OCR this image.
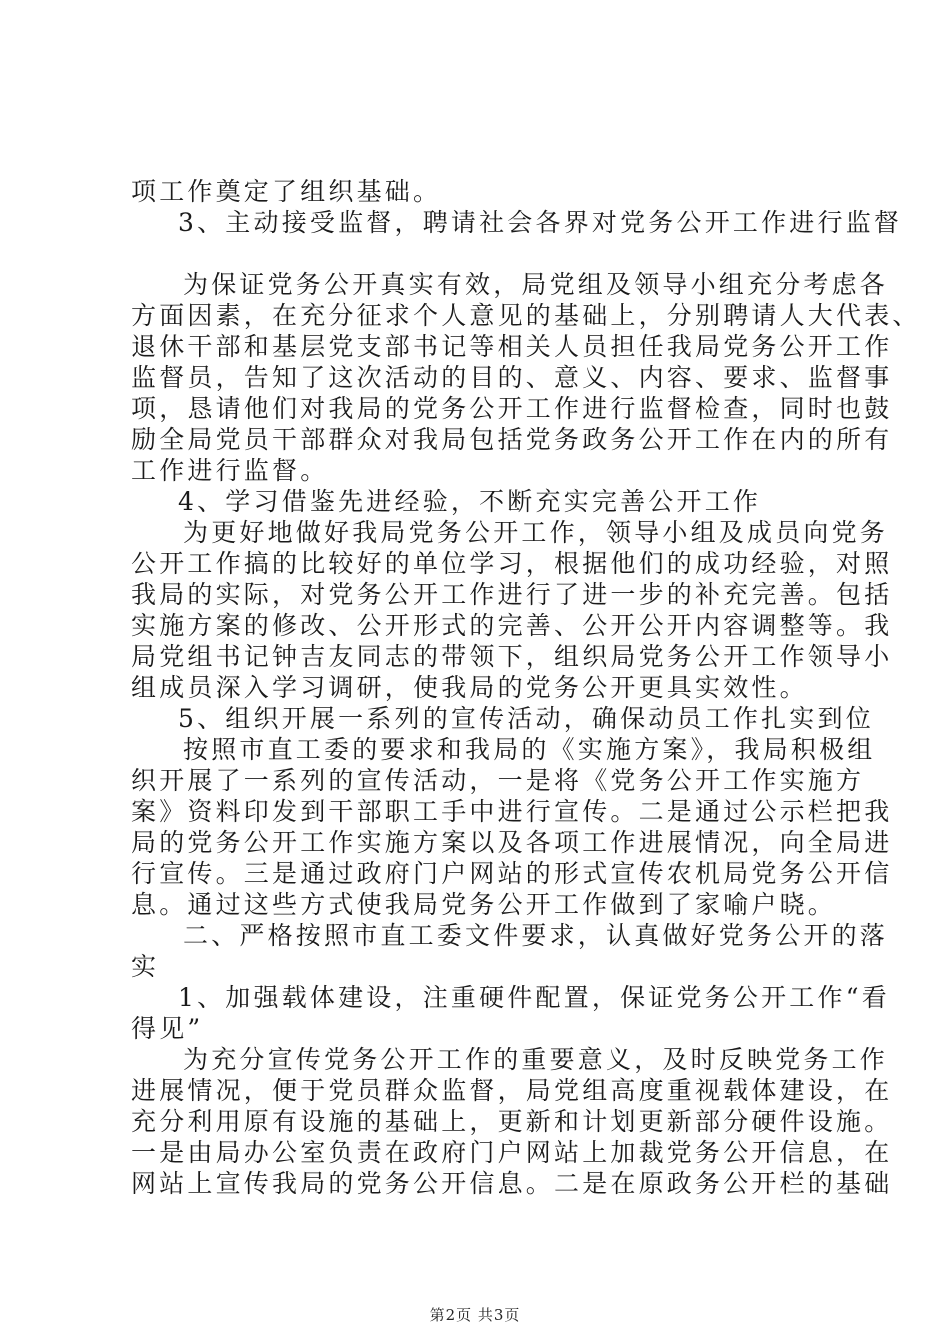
项工作奠定了组织基础。
3、主动接受监督，聘请社会各界对党务公开工作进行监督
为保证党务公开真实有效，局党组及领导小组充分考虑各
方面因素，在充分征求个人意见的基础上，分别聘请人大代表、
退休干部和基层党支部书记等相关人员担任我局党务公开工作
监督员，告知了这次活动的目的、意义、内容、要求、监督事
项，恳请他们对我局的党务公开工作进行监督检查，同时也鼓
励全局党员干部群众对我局包括党务政务公开工作在内的所有
工作进行监督。
4、学习借鉴先进经验，不断充实完善公开工作
为更好地做好我局党务公开工作，领导小组及成员向党务
公开工作搞的比较好的单位学习，根据他们的成功经验，对照
我局的实际，对党务公开工作进行了进一步的补充完善。包括
实施方案的修改、公开形式的完善、公开公开内容调整等。我
局党组书记钟吉友同志的带领下，组织局党务公开工作领导小
组成员深入学习调研，使我局的党务公开更具实效性。
5、组织开展一系列的宣传活动，确保动员工作扎实到位
按照市直工委的要求和我局的《实施方案》，我局积极组
织开展了一系列的宣传活动，一是将《党务公开工作实施方
案》资料印发到干部职工手中进行宣传。二是通过公示栏把我
局的党务公开工作实施方案以及各项工作进展情况，向全局进
行宣传。三是通过政府门户网站的形式宣传农机局党务公开信
息。通过这些方式使我局党务公开工作做到了家喻户晓。
二、严格按照市直工委文件要求，认真做好党务公开的落
实
1、加强载体建设，注重硬件配置，保证党务公开工作“看
得见”
为充分宣传党务公开工作的重要意义，及时反映党务工作
进展情况，便于党员群众监督，局党组高度重视载体建设，在
充分利用原有设施的基础上，更新和计划更新部分硬件设施。
一是由局办公室负责在政府门户网站上加裁党务公开信息，在
网站上宣传我局的党务公开信息。二是在原政务公开栏的基础
第2页 共3页
